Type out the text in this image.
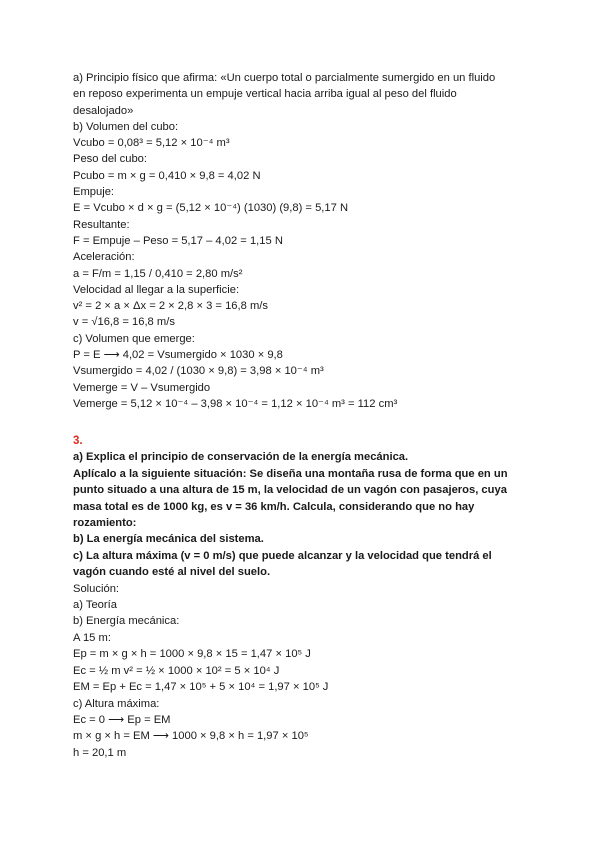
a) Principio físico que afirma: «Un cuerpo total o parcialmente sumergido en un fluido
en reposo experimenta un empuje vertical hacia arriba igual al peso del fluido
desalojado»
b) Volumen del cubo:
Vcubo = 0,08³ = 5,12 × 10⁻⁴ m³
Peso del cubo:
Pcubo = m × g = 0,410 × 9,8 = 4,02 N
Empuje:
E = Vcubo × d × g = (5,12 × 10⁻⁴) (1030) (9,8) = 5,17 N
Resultante:
F = Empuje – Peso = 5,17 – 4,02 = 1,15 N
Aceleración:
a = F/m = 1,15 / 0,410 = 2,80 m/s²
Velocidad al llegar a la superficie:
v² = 2 × a × Δx = 2 × 2,8 × 3 = 16,8 m/s
v = √16,8 = 16,8 m/s
c) Volumen que emerge:
P = E ⟶ 4,02 = Vsumergido × 1030 × 9,8
Vsumergido = 4,02 / (1030 × 9,8) = 3,98 × 10⁻⁴ m³
Vemerge = V – Vsumergido
Vemerge = 5,12 × 10⁻⁴ – 3,98 × 10⁻⁴ = 1,12 × 10⁻⁴ m³ = 112 cm³
3.
a) Explica el principio de conservación de la energía mecánica.
Aplícalo a la siguiente situación: Se diseña una montaña rusa de forma que en un
punto situado a una altura de 15 m, la velocidad de un vagón con pasajeros, cuya
masa total es de 1000 kg, es v = 36 km/h. Calcula, considerando que no hay
rozamiento:
b) La energía mecánica del sistema.
c) La altura máxima (v = 0 m/s) que puede alcanzar y la velocidad que tendrá el
vagón cuando esté al nivel del suelo.
Solución:
a) Teoría
b) Energía mecánica:
A 15 m:
Ep = m × g × h = 1000 × 9,8 × 15 = 1,47 × 10⁵ J
Ec = ½ m v² = ½ × 1000 × 10² = 5 × 10⁴ J
EM = Ep + Ec = 1,47 × 10⁵ + 5 × 10⁴ = 1,97 × 10⁵ J
c) Altura máxima:
Ec = 0 ⟶ Ep = EM
m × g × h = EM ⟶ 1000 × 9,8 × h = 1,97 × 10⁵
h = 20,1 m
